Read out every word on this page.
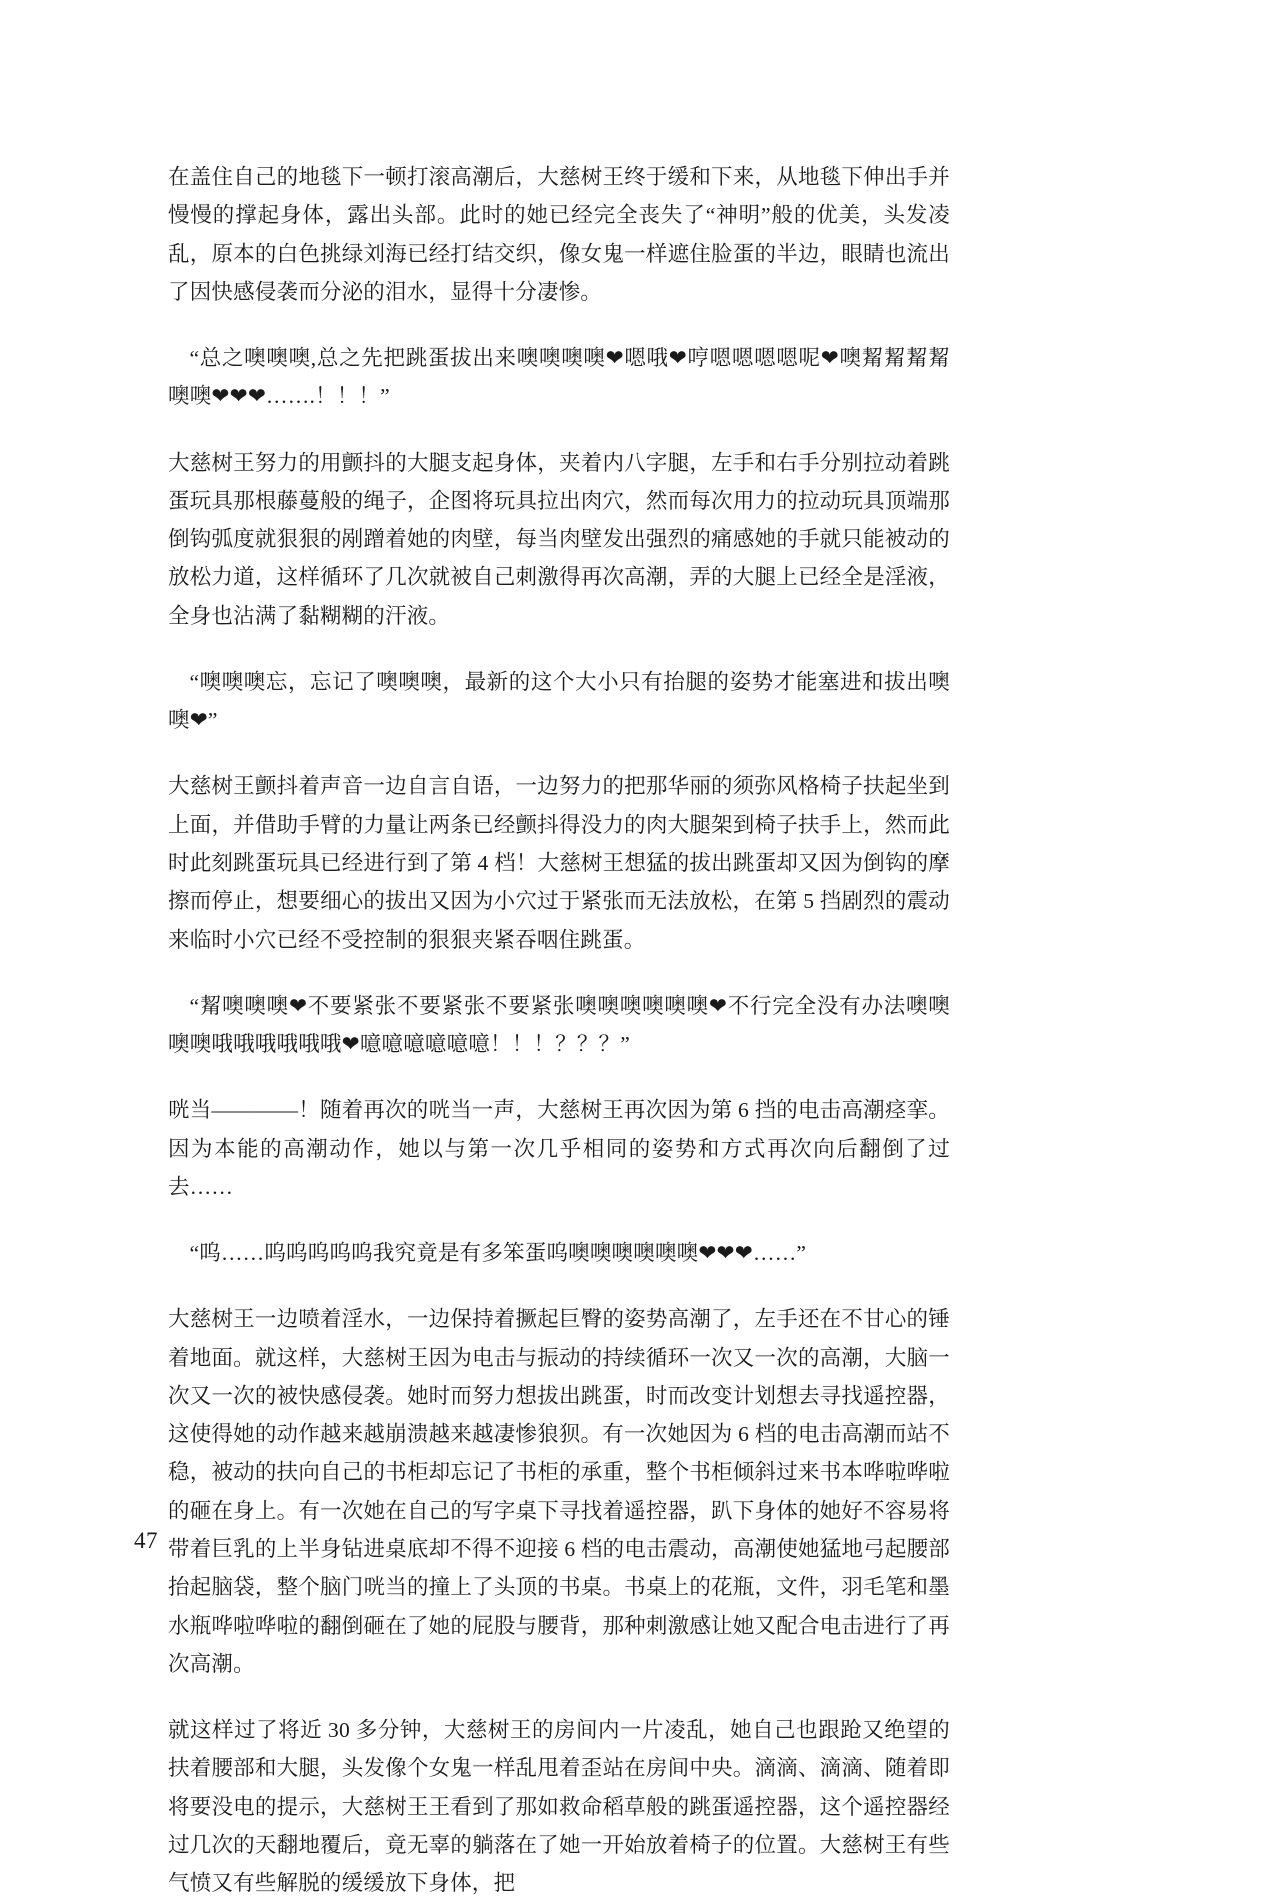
在盖住自己的地毯下一顿打滚高潮后，大慈树王终于缓和下来，从地毯下伸出手并慢慢的撑起身体，露出头部。此时的她已经完全丧失了“神明”般的优美，头发凌乱，原本的白色挑绿刘海已经打结交织，像女鬼一样遮住脸蛋的半边，眼睛也流出了因快感侵袭而分泌的泪水，显得十分凄惨。

“总之噢噢噢,总之先把跳蛋拔出来噢噢噢噢❤嗯哦❤哼嗯嗯嗯嗯呢❤噢觢觢觢觢噢噢❤❤❤…….！！！”

大慈树王努力的用颤抖的大腿支起身体，夹着内八字腿，左手和右手分别拉动着跳蛋玩具那根藤蔓般的绳子，企图将玩具拉出肉穴，然而每次用力的拉动玩具顶端那倒钩弧度就狠狠的剐蹭着她的肉壁，每当肉壁发出强烈的痛感她的手就只能被动的放松力道，这样循环了几次就被自己刺激得再次高潮，弄的大腿上已经全是淫液，全身也沾满了黏糊糊的汗液。

“噢噢噢忘，忘记了噢噢噢，最新的这个大小只有抬腿的姿势才能塞进和拔出噢噢❤”

大慈树王颤抖着声音一边自言自语，一边努力的把那华丽的须弥风格椅子扶起坐到上面，并借助手臂的力量让两条已经颤抖得没力的肉大腿架到椅子扶手上，然而此时此刻跳蛋玩具已经进行到了第 4 档！大慈树王想猛的拔出跳蛋却又因为倒钩的摩擦而停止，想要细心的拔出又因为小穴过于紧张而无法放松，在第 5 挡剧烈的震动来临时小穴已经不受控制的狠狠夹紧吞咽住跳蛋。

“觢噢噢噢❤不要紧张不要紧张不要紧张噢噢噢噢噢噢❤不行完全没有办法噢噢噢噢哦哦哦哦哦哦❤噫噫噫噫噫噫！！！？？？”

咣当————！随着再次的咣当一声，大慈树王再次因为第 6 挡的电击高潮痉挛。因为本能的高潮动作，她以与第一次几乎相同的姿势和方式再次向后翻倒了过去……

“呜……呜呜呜呜呜我究竟是有多笨蛋呜噢噢噢噢噢噢❤❤❤……”

大慈树王一边喷着淫水，一边保持着撅起巨臀的姿势高潮了，左手还在不甘心的锤着地面。就这样，大慈树王因为电击与振动的持续循环一次又一次的高潮，大脑一次又一次的被快感侵袭。她时而努力想拔出跳蛋，时而改变计划想去寻找遥控器，这使得她的动作越来越崩溃越来越凄惨狼狈。有一次她因为 6 档的电击高潮而站不稳，被动的扶向自己的书柜却忘记了书柜的承重，整个书柜倾斜过来书本哗啦哗啦的砸在身上。有一次她在自己的写字桌下寻找着遥控器，趴下身体的她好不容易将带着巨乳的上半身钻进桌底却不得不迎接 6 档的电击震动，高潮使她猛地弓起腰部抬起脑袋，整个脑门咣当的撞上了头顶的书桌。书桌上的花瓶，文件，羽毛笔和墨水瓶哗啦哗啦的翻倒砸在了她的屁股与腰背，那种刺激感让她又配合电击进行了再次高潮。

就这样过了将近 30 多分钟，大慈树王的房间内一片凌乱，她自己也跟跄又绝望的扶着腰部和大腿，头发像个女鬼一样乱甩着歪站在房间中央。滴滴、滴滴、随着即将要没电的提示，大慈树王王看到了那如救命稻草般的跳蛋遥控器，这个遥控器经过几次的天翻地覆后，竟无辜的躺落在了她一开始放着椅子的位置。大慈树王有些气愤又有些解脱的缓缓放下身体，把

47
